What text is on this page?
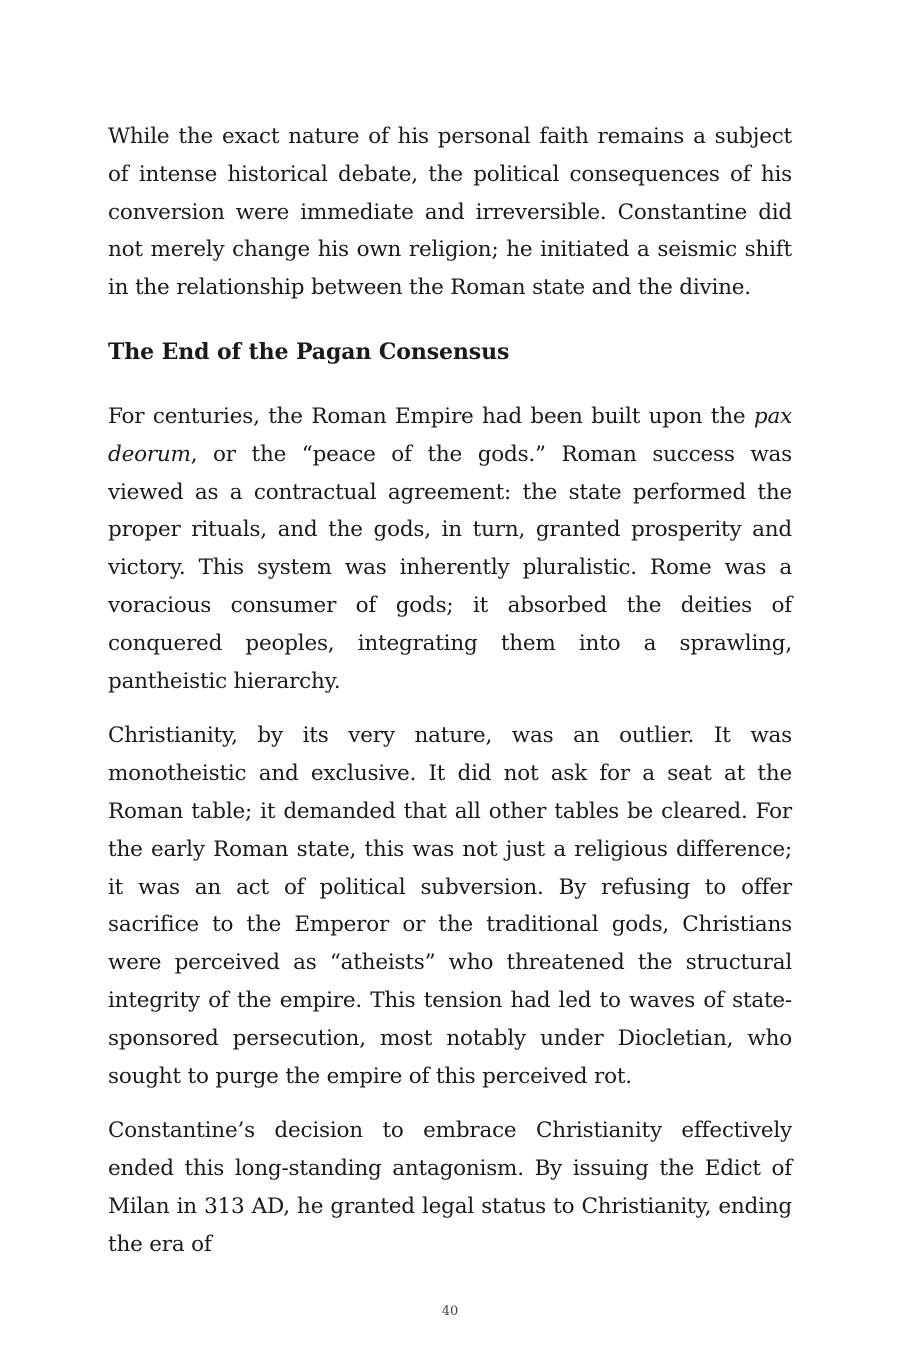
While the exact nature of his personal faith remains a subject of intense historical debate, the political consequences of his conversion were immediate and irreversible. Constantine did not merely change his own religion; he initiated a seismic shift in the relationship between the Roman state and the divine.

The End of the Pagan Consensus

For centuries, the Roman Empire had been built upon the pax deorum, or the “peace of the gods.” Roman success was viewed as a contractual agreement: the state performed the proper rituals, and the gods, in turn, granted prosperity and victory. This system was inherently pluralistic. Rome was a voracious consumer of gods; it absorbed the deities of conquered peoples, integrating them into a sprawling, pantheistic hierarchy.

Christianity, by its very nature, was an outlier. It was monotheistic and exclusive. It did not ask for a seat at the Roman table; it demanded that all other tables be cleared. For the early Roman state, this was not just a religious difference; it was an act of political subversion. By refusing to offer sacrifice to the Emperor or the traditional gods, Christians were perceived as “atheists” who threatened the structural integrity of the empire. This tension had led to waves of state-sponsored persecution, most notably under Diocletian, who sought to purge the empire of this perceived rot.

Constantine’s decision to embrace Christianity effectively ended this long-standing antagonism. By issuing the Edict of Milan in 313 AD, he granted legal status to Christianity, ending the era of

40
